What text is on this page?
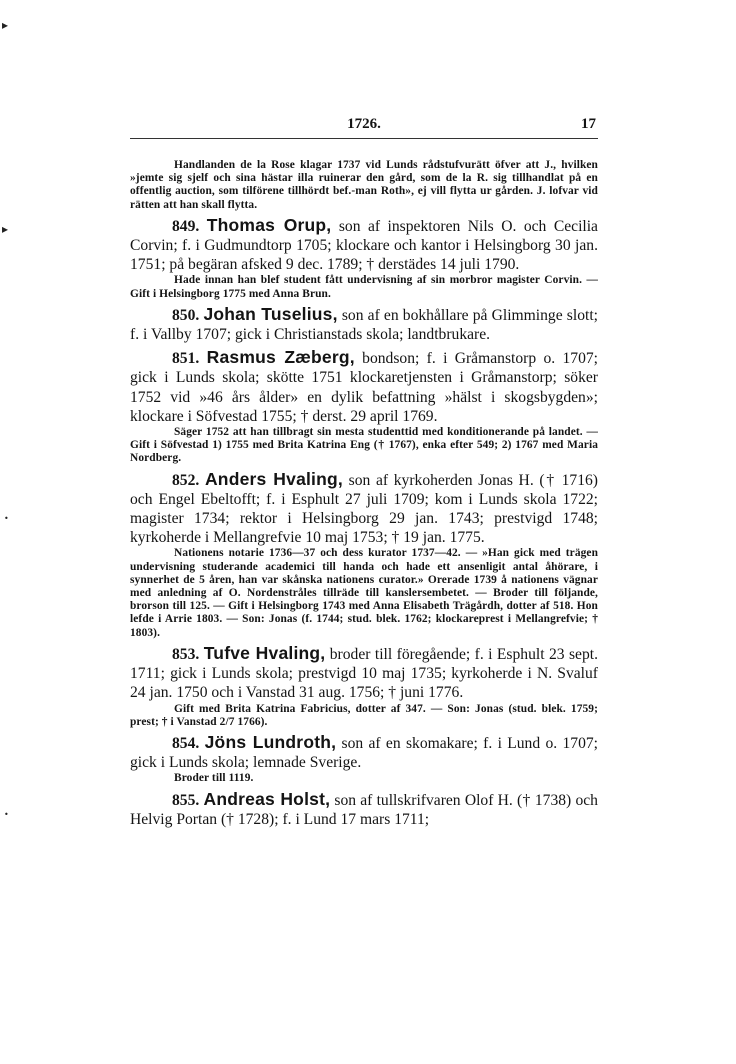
1726.	17

Handlanden de la Rose klagar 1737 vid Lunds rådstufvurätt öfver att J., hvilken »jemte sig sjelf och sina hästar illa ruinerar den gård, som de la R. sig tillhandlat på en offentlig auction, som tilförene tillhördt bef.-man Roth», ej vill flytta ur gården. J. lofvar vid rätten att han skall flytta.

849. Thomas Orup, son af inspektoren Nils O. och Cecilia Corvin; f. i Gudmundtorp 1705; klockare och kantor i Helsingborg 30 jan. 1751; på begäran afsked 9 dec. 1789; † derstädes 14 juli 1790.

Hade innan han blef student fått undervisning af sin morbror magister Corvin. — Gift i Helsingborg 1775 med Anna Brun.

850. Johan Tuselius, son af en bokhållare på Glimminge slott; f. i Vallby 1707; gick i Christianstads skola; landtbrukare.

851. Rasmus Zæberg, bondson; f. i Gråmanstorp o. 1707; gick i Lunds skola; skötte 1751 klockaretjensten i Gråmanstorp; söker 1752 vid »46 års ålder» en dylik befattning »hälst i skogsbygden»; klockare i Söfvestad 1755; † derst. 29 april 1769.

Säger 1752 att han tillbragt sin mesta studenttid med konditionerande på landet. — Gift i Söfvestad 1) 1755 med Brita Katrina Eng († 1767), enka efter 549; 2) 1767 med Maria Nordberg.

852. Anders Hvaling, son af kyrkoherden Jonas H. († 1716) och Engel Ebeltofft; f. i Esphult 27 juli 1709; kom i Lunds skola 1722; magister 1734; rektor i Helsingborg 29 jan. 1743; prestvigd 1748; kyrkoherde i Mellangrefvie 10 maj 1753; † 19 jan. 1775.

Nationens notarie 1736—37 och dess kurator 1737—42. — »Han gick med trägen undervisning studerande academici till handa och hade ett ansenligit antal åhörare, i synnerhet de 5 åren, han var skånska nationens curator.» Orerade 1739 å nationens vägnar med anledning af O. Nordenstråles tillräde till kanslersembetet. — Broder till följande, brorson till 125. — Gift i Helsingborg 1743 med Anna Elisabeth Trägårdh, dotter af 518. Hon lefde i Arrie 1803. — Son: Jonas (f. 1744; stud. blek. 1762; klockareprest i Mellangrefvie; † 1803).

853. Tufve Hvaling, broder till föregående; f. i Esphult 23 sept. 1711; gick i Lunds skola; prestvigd 10 maj 1735; kyrkoherde i N. Svaluf 24 jan. 1750 och i Vanstad 31 aug. 1756; † juni 1776.

Gift med Brita Katrina Fabricius, dotter af 347. — Son: Jonas (stud. blek. 1759; prest; † i Vanstad 2/7 1766).

854. Jöns Lundroth, son af en skomakare; f. i Lund o. 1707; gick i Lunds skola; lemnade Sverige.

Broder till 1119.

855. Andreas Holst, son af tullskrifvaren Olof H. († 1738) och Helvig Portan († 1728); f. i Lund 17 mars 1711;

▸
▸
•
•
